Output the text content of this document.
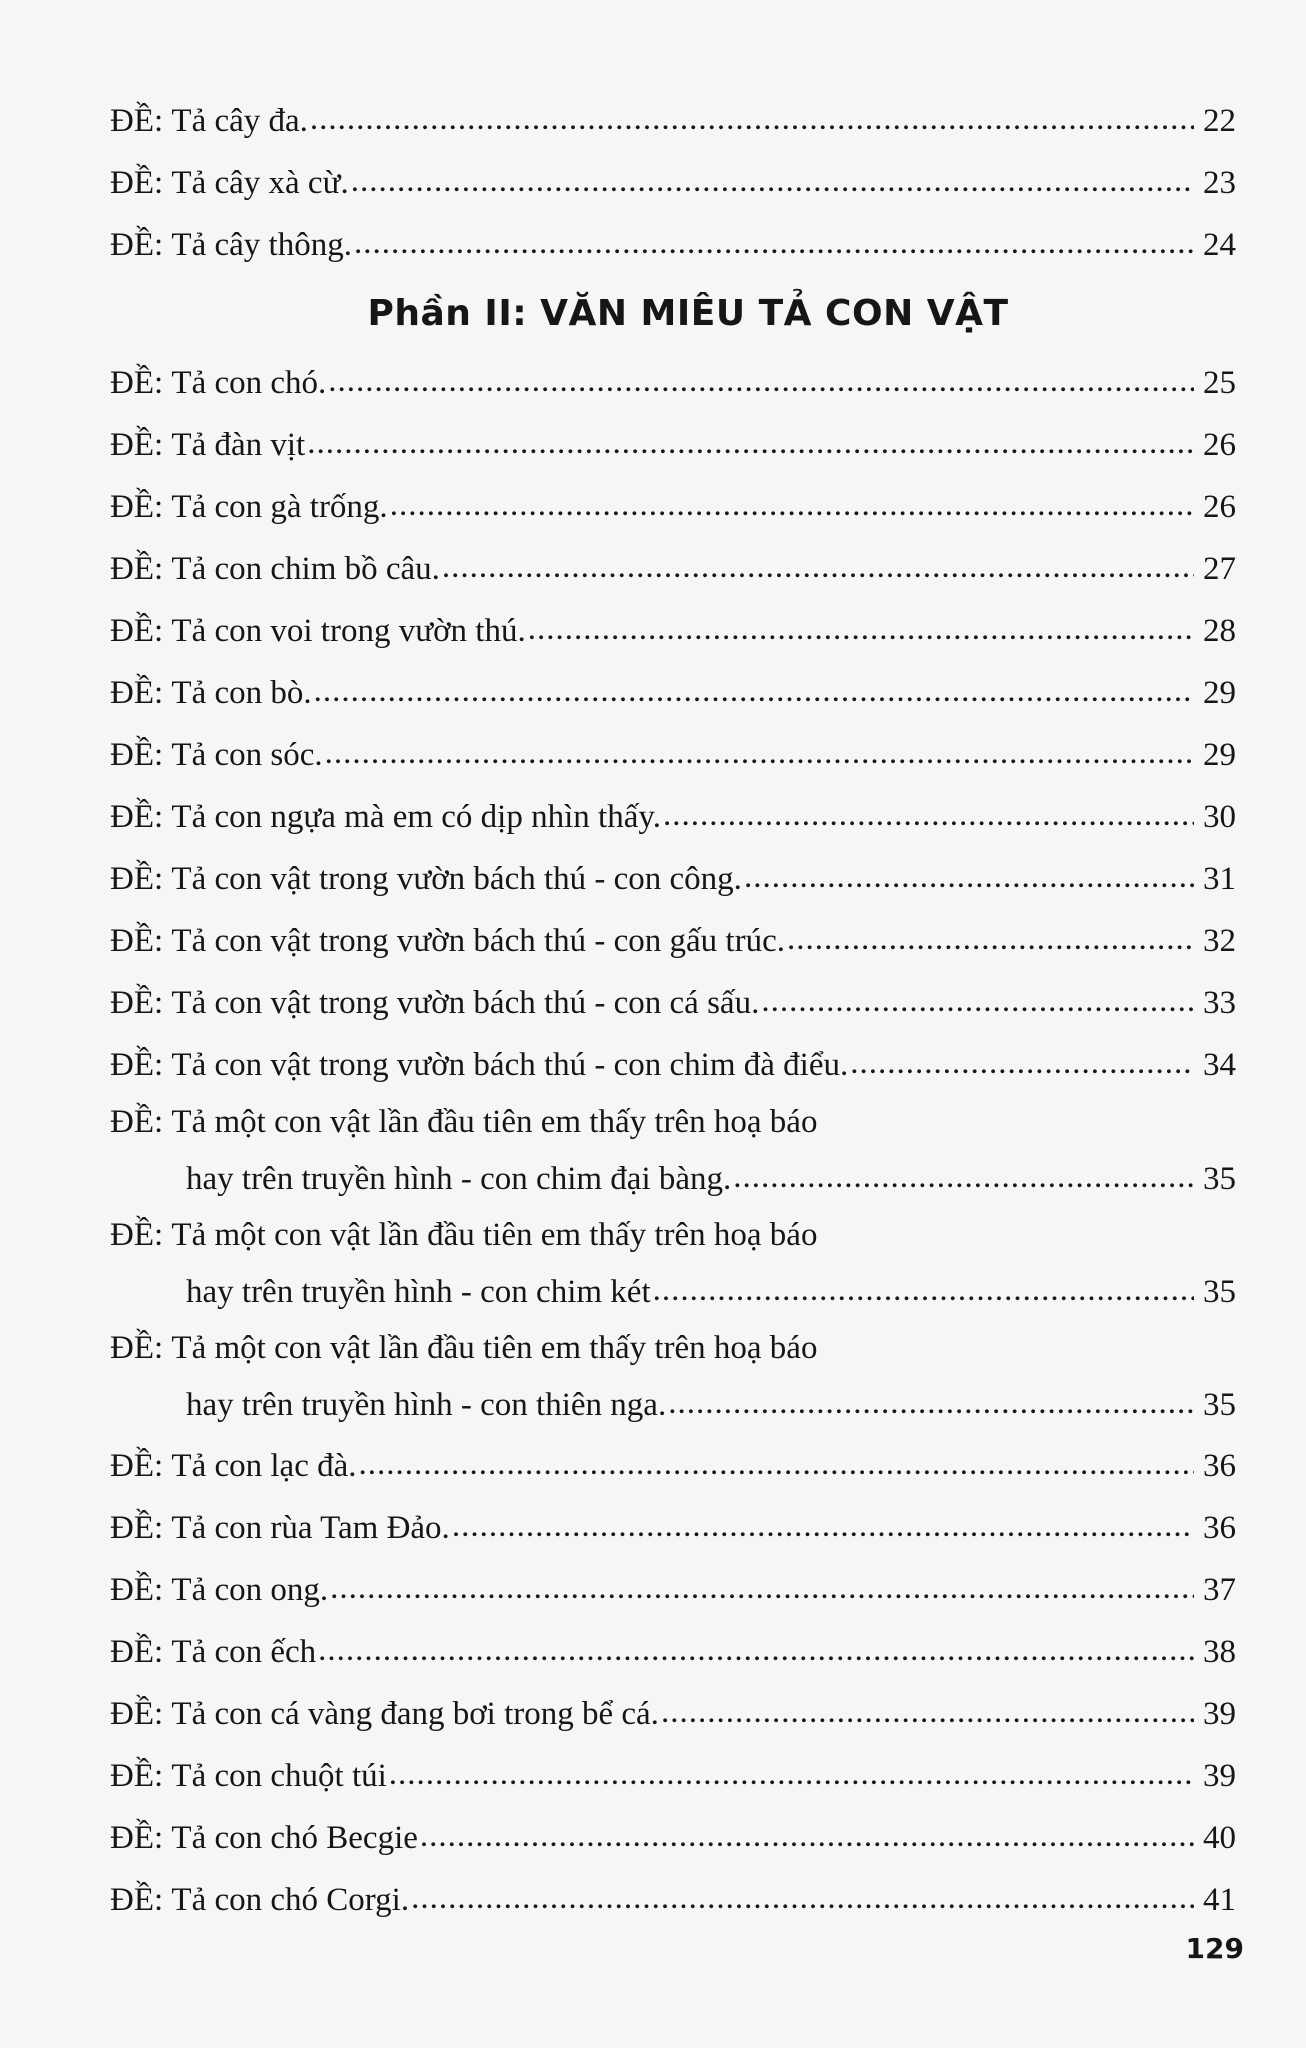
ĐỀ:
Tả cây đa. .....	22
ĐỀ:
Tả cây xà cừ. .....	23
ĐỀ:
Tả cây thông. .....	24
Phần II: VĂN MIÊU TẢ CON VẬT
ĐỀ:
Tả con chó. .....	25
ĐỀ:
Tả đàn vịt .....	26
ĐỀ:
Tả con gà trống. .....	26
ĐỀ:
Tả con chim bồ câu. .....	27
ĐỀ:
Tả con voi trong vườn thú. .....	28
ĐỀ:
Tả con bò. .....	29
ĐỀ:
Tả con sóc. .....	29
ĐỀ:
Tả con ngựa mà em có dịp nhìn thấy. .....	30
ĐỀ:
Tả con vật trong vườn bách thú - con công. .....	31
ĐỀ:
Tả con vật trong vườn bách thú - con gấu trúc. .....	32
ĐỀ:
Tả con vật trong vườn bách thú - con cá sấu. .....	33
ĐỀ:
Tả con vật trong vườn bách thú - con chim đà điểu. .....	34
ĐỀ:
Tả một con vật lần đầu tiên em thấy trên hoạ báo
hay trên truyền hình - con chim đại bàng. .....	35
ĐỀ:
Tả một con vật lần đầu tiên em thấy trên hoạ báo
hay trên truyền hình - con chim két .....	35
ĐỀ:
Tả một con vật lần đầu tiên em thấy trên hoạ báo
hay trên truyền hình - con thiên nga. .....	35
ĐỀ:
Tả con lạc đà. .....	36
ĐỀ:
Tả con rùa Tam Đảo. .....	36
ĐỀ:
Tả con ong. .....	37
ĐỀ:
Tả con ếch .....	38
ĐỀ:
Tả con cá vàng đang bơi trong bể cá. .....	39
ĐỀ:
Tả con chuột túi .....	39
ĐỀ:
Tả con chó Becgie .....	40
ĐỀ:
Tả con chó Corgi. .....	41
129
